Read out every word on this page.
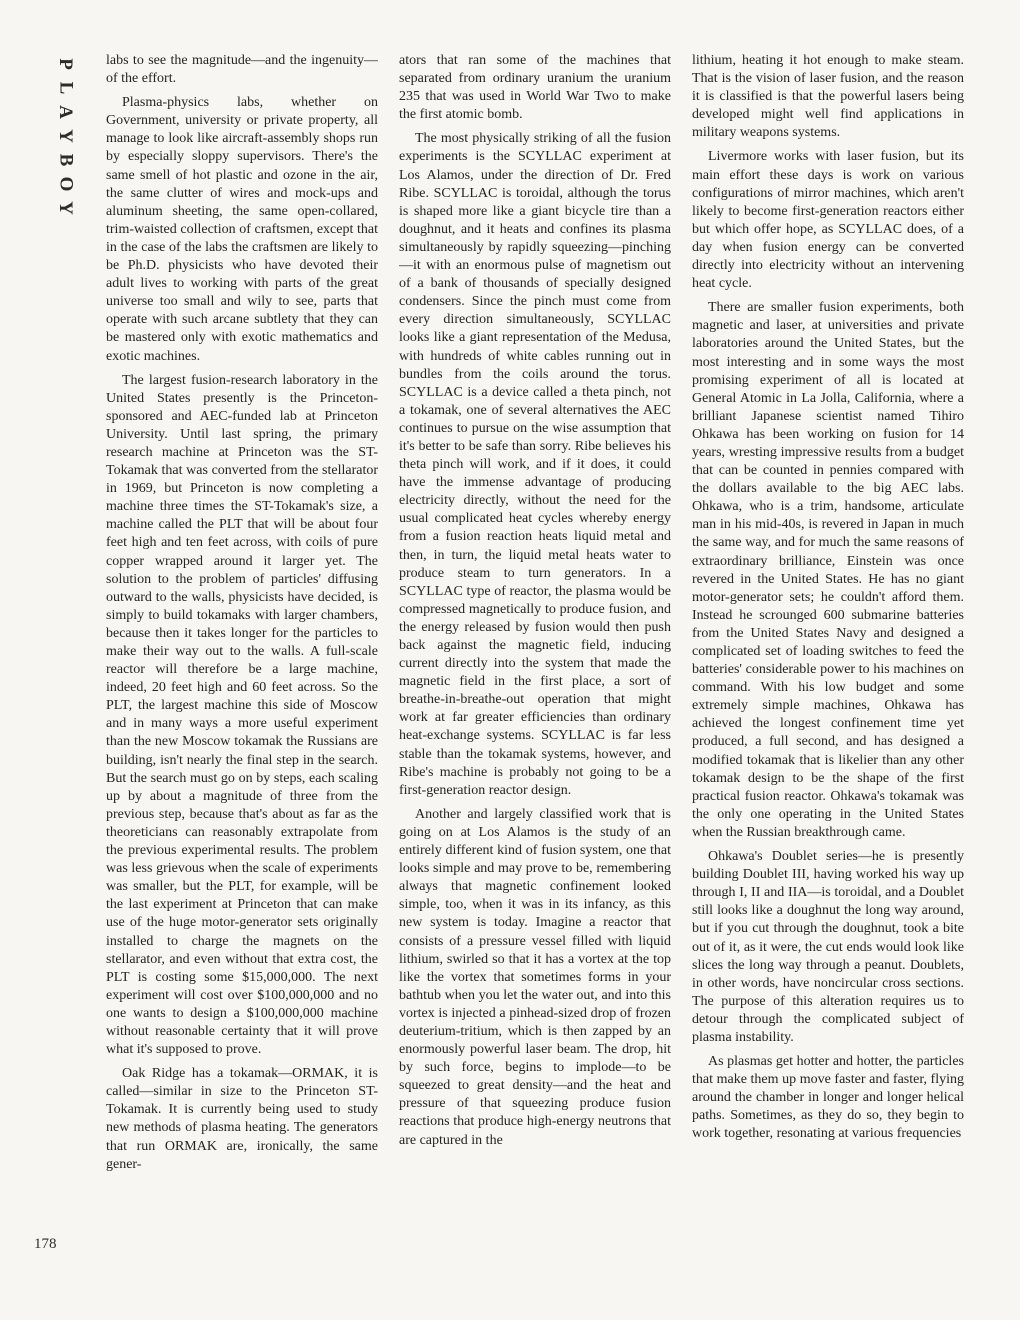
P
L
A
Y
B
O
Y
178

labs to see the magnitude—and the ingenuity—of the effort.

Plasma-physics labs, whether on Government, university or private property, all manage to look like aircraft-assembly shops run by especially sloppy supervisors. There's the same smell of hot plastic and ozone in the air, the same clutter of wires and mock-ups and aluminum sheeting, the same open-collared, trim-waisted collection of craftsmen, except that in the case of the labs the craftsmen are likely to be Ph.D. physicists who have devoted their adult lives to working with parts of the great universe too small and wily to see, parts that operate with such arcane subtlety that they can be mastered only with exotic mathematics and exotic machines.

The largest fusion-research laboratory in the United States presently is the Princeton-sponsored and AEC-funded lab at Princeton University. Until last spring, the primary research machine at Princeton was the ST-Tokamak that was converted from the stellarator in 1969, but Princeton is now completing a machine three times the ST-Tokamak's size, a machine called the PLT that will be about four feet high and ten feet across, with coils of pure copper wrapped around it larger yet. The solution to the problem of particles' diffusing outward to the walls, physicists have decided, is simply to build tokamaks with larger chambers, because then it takes longer for the particles to make their way out to the walls. A full-scale reactor will therefore be a large machine, indeed, 20 feet high and 60 feet across. So the PLT, the largest machine this side of Moscow and in many ways a more useful experiment than the new Moscow tokamak the Russians are building, isn't nearly the final step in the search. But the search must go on by steps, each scaling up by about a magnitude of three from the previous step, because that's about as far as the theoreticians can reasonably extrapolate from the previous experimental results. The problem was less grievous when the scale of experiments was smaller, but the PLT, for example, will be the last experiment at Princeton that can make use of the huge motor-generator sets originally installed to charge the magnets on the stellarator, and even without that extra cost, the PLT is costing some $15,000,000. The next experiment will cost over $100,000,000 and no one wants to design a $100,000,000 machine without reasonable certainty that it will prove what it's supposed to prove.

Oak Ridge has a tokamak—ORMAK, it is called—similar in size to the Princeton ST-Tokamak. It is currently being used to study new methods of plasma heating. The generators that run ORMAK are, ironically, the same gener-

ators that ran some of the machines that separated from ordinary uranium the uranium 235 that was used in World War Two to make the first atomic bomb.

The most physically striking of all the fusion experiments is the SCYLLAC experiment at Los Alamos, under the direction of Dr. Fred Ribe. SCYLLAC is toroidal, although the torus is shaped more like a giant bicycle tire than a doughnut, and it heats and confines its plasma simultaneously by rapidly squeezing—pinching—it with an enormous pulse of magnetism out of a bank of thousands of specially designed condensers. Since the pinch must come from every direction simultaneously, SCYLLAC looks like a giant representation of the Medusa, with hundreds of white cables running out in bundles from the coils around the torus. SCYLLAC is a device called a theta pinch, not a tokamak, one of several alternatives the AEC continues to pursue on the wise assumption that it's better to be safe than sorry. Ribe believes his theta pinch will work, and if it does, it could have the immense advantage of producing electricity directly, without the need for the usual complicated heat cycles whereby energy from a fusion reaction heats liquid metal and then, in turn, the liquid metal heats water to produce steam to turn generators. In a SCYLLAC type of reactor, the plasma would be compressed magnetically to produce fusion, and the energy released by fusion would then push back against the magnetic field, inducing current directly into the system that made the magnetic field in the first place, a sort of breathe-in-breathe-out operation that might work at far greater efficiencies than ordinary heat-exchange systems. SCYLLAC is far less stable than the tokamak systems, however, and Ribe's machine is probably not going to be a first-generation reactor design.

Another and largely classified work that is going on at Los Alamos is the study of an entirely different kind of fusion system, one that looks simple and may prove to be, remembering always that magnetic confinement looked simple, too, when it was in its infancy, as this new system is today. Imagine a reactor that consists of a pressure vessel filled with liquid lithium, swirled so that it has a vortex at the top like the vortex that sometimes forms in your bathtub when you let the water out, and into this vortex is injected a pinhead-sized drop of frozen deuterium-tritium, which is then zapped by an enormously powerful laser beam. The drop, hit by such force, begins to implode—to be squeezed to great density—and the heat and pressure of that squeezing produce fusion reactions that produce high-energy neutrons that are captured in the

lithium, heating it hot enough to make steam. That is the vision of laser fusion, and the reason it is classified is that the powerful lasers being developed might well find applications in military weapons systems.

Livermore works with laser fusion, but its main effort these days is work on various configurations of mirror machines, which aren't likely to become first-generation reactors either but which offer hope, as SCYLLAC does, of a day when fusion energy can be converted directly into electricity without an intervening heat cycle.

There are smaller fusion experiments, both magnetic and laser, at universities and private laboratories around the United States, but the most interesting and in some ways the most promising experiment of all is located at General Atomic in La Jolla, California, where a brilliant Japanese scientist named Tihiro Ohkawa has been working on fusion for 14 years, wresting impressive results from a budget that can be counted in pennies compared with the dollars available to the big AEC labs. Ohkawa, who is a trim, handsome, articulate man in his mid-40s, is revered in Japan in much the same way, and for much the same reasons of extraordinary brilliance, Einstein was once revered in the United States. He has no giant motor-generator sets; he couldn't afford them. Instead he scrounged 600 submarine batteries from the United States Navy and designed a complicated set of loading switches to feed the batteries' considerable power to his machines on command. With his low budget and some extremely simple machines, Ohkawa has achieved the longest confinement time yet produced, a full second, and has designed a modified tokamak that is likelier than any other tokamak design to be the shape of the first practical fusion reactor. Ohkawa's tokamak was the only one operating in the United States when the Russian breakthrough came.

Ohkawa's Doublet series—he is presently building Doublet III, having worked his way up through I, II and IIA—is toroidal, and a Doublet still looks like a doughnut the long way around, but if you cut through the doughnut, took a bite out of it, as it were, the cut ends would look like slices the long way through a peanut. Doublets, in other words, have noncircular cross sections. The purpose of this alteration requires us to detour through the complicated subject of plasma instability.

As plasmas get hotter and hotter, the particles that make them up move faster and faster, flying around the chamber in longer and longer helical paths. Sometimes, as they do so, they begin to work together, resonating at various frequencies
